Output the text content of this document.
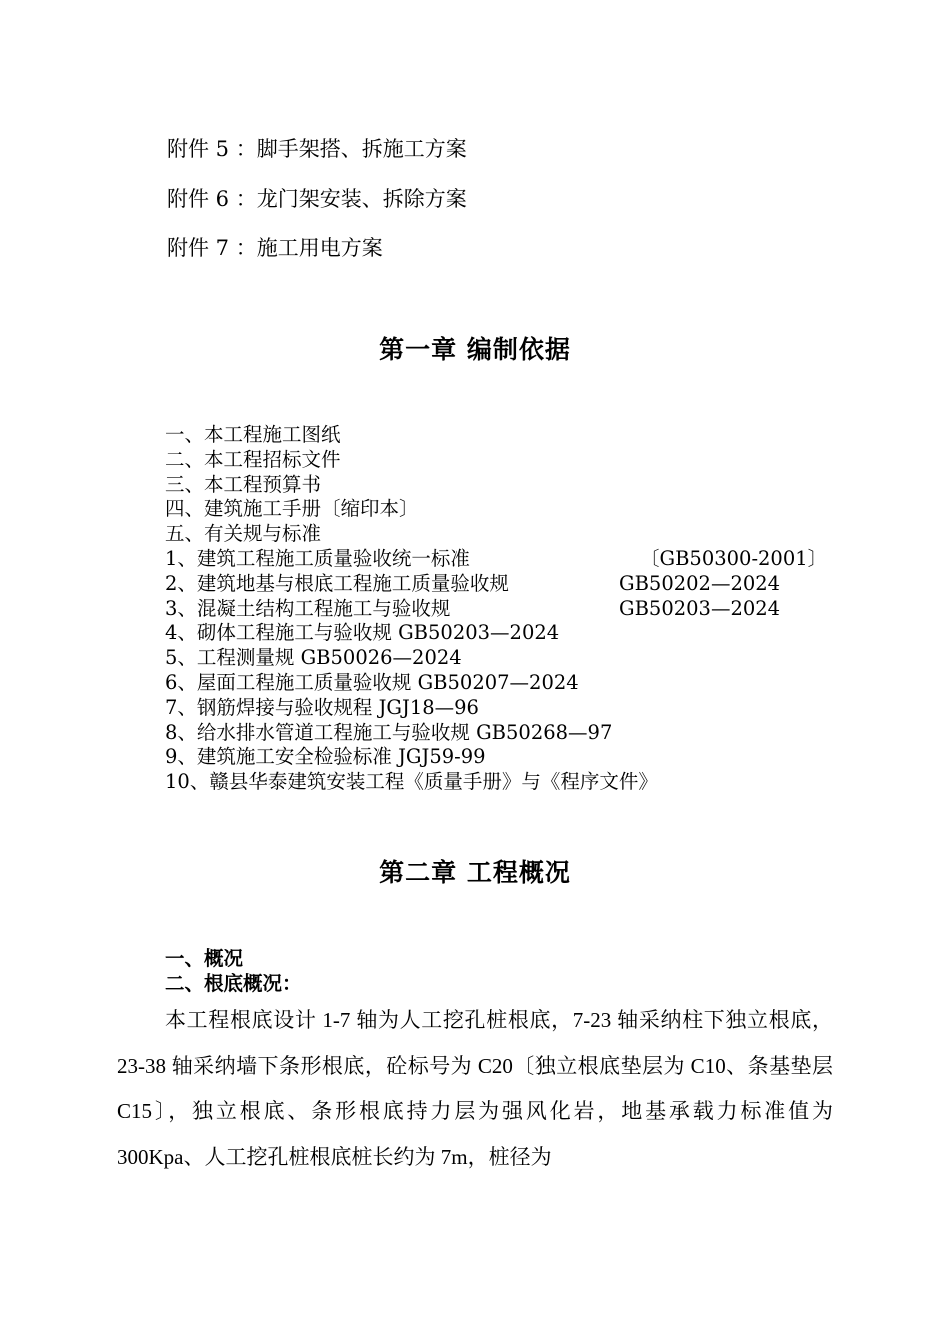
附件 5 ：脚手架搭、拆施工方案
附件 6 ：龙门架安装、拆除方案
附件 7 ：施工用电方案
第一章 编制依据
一、本工程施工图纸
二、本工程招标文件
三、本工程预算书
四、建筑施工手册〔缩印本〕
五、有关规与标准
1、建筑工程施工质量验收统一标准	〔GB50300-2001〕
2、建筑地基与根底工程施工质量验收规	GB50202—2024
3、混凝土结构工程施工与验收规	GB50203—2024
4、砌体工程施工与验收规 GB50203—2024
5、工程测量规 GB50026—2024
6、屋面工程施工质量验收规 GB50207—2024
7、钢筋焊接与验收规程 JGJ18—96
8、给水排水管道工程施工与验收规 GB50268—97
9、建筑施工安全检验标准 JGJ59-99
10、赣县华泰建筑安装工程《质量手册》与《程序文件》
第二章 工程概况
一、概况
二、根底概况：
本工程根底设计 1-7 轴为人工挖孔桩根底，7-23 轴采纳柱下独立根底，23-38 轴采纳墙下条形根底，砼标号为 C20〔独立根底垫层为 C10、条基垫层 C15〕，独立根底、条形根底持力层为强风化岩，地基承载力标准值为 300Kpa、人工挖孔桩根底桩长约为 7m，桩径为
